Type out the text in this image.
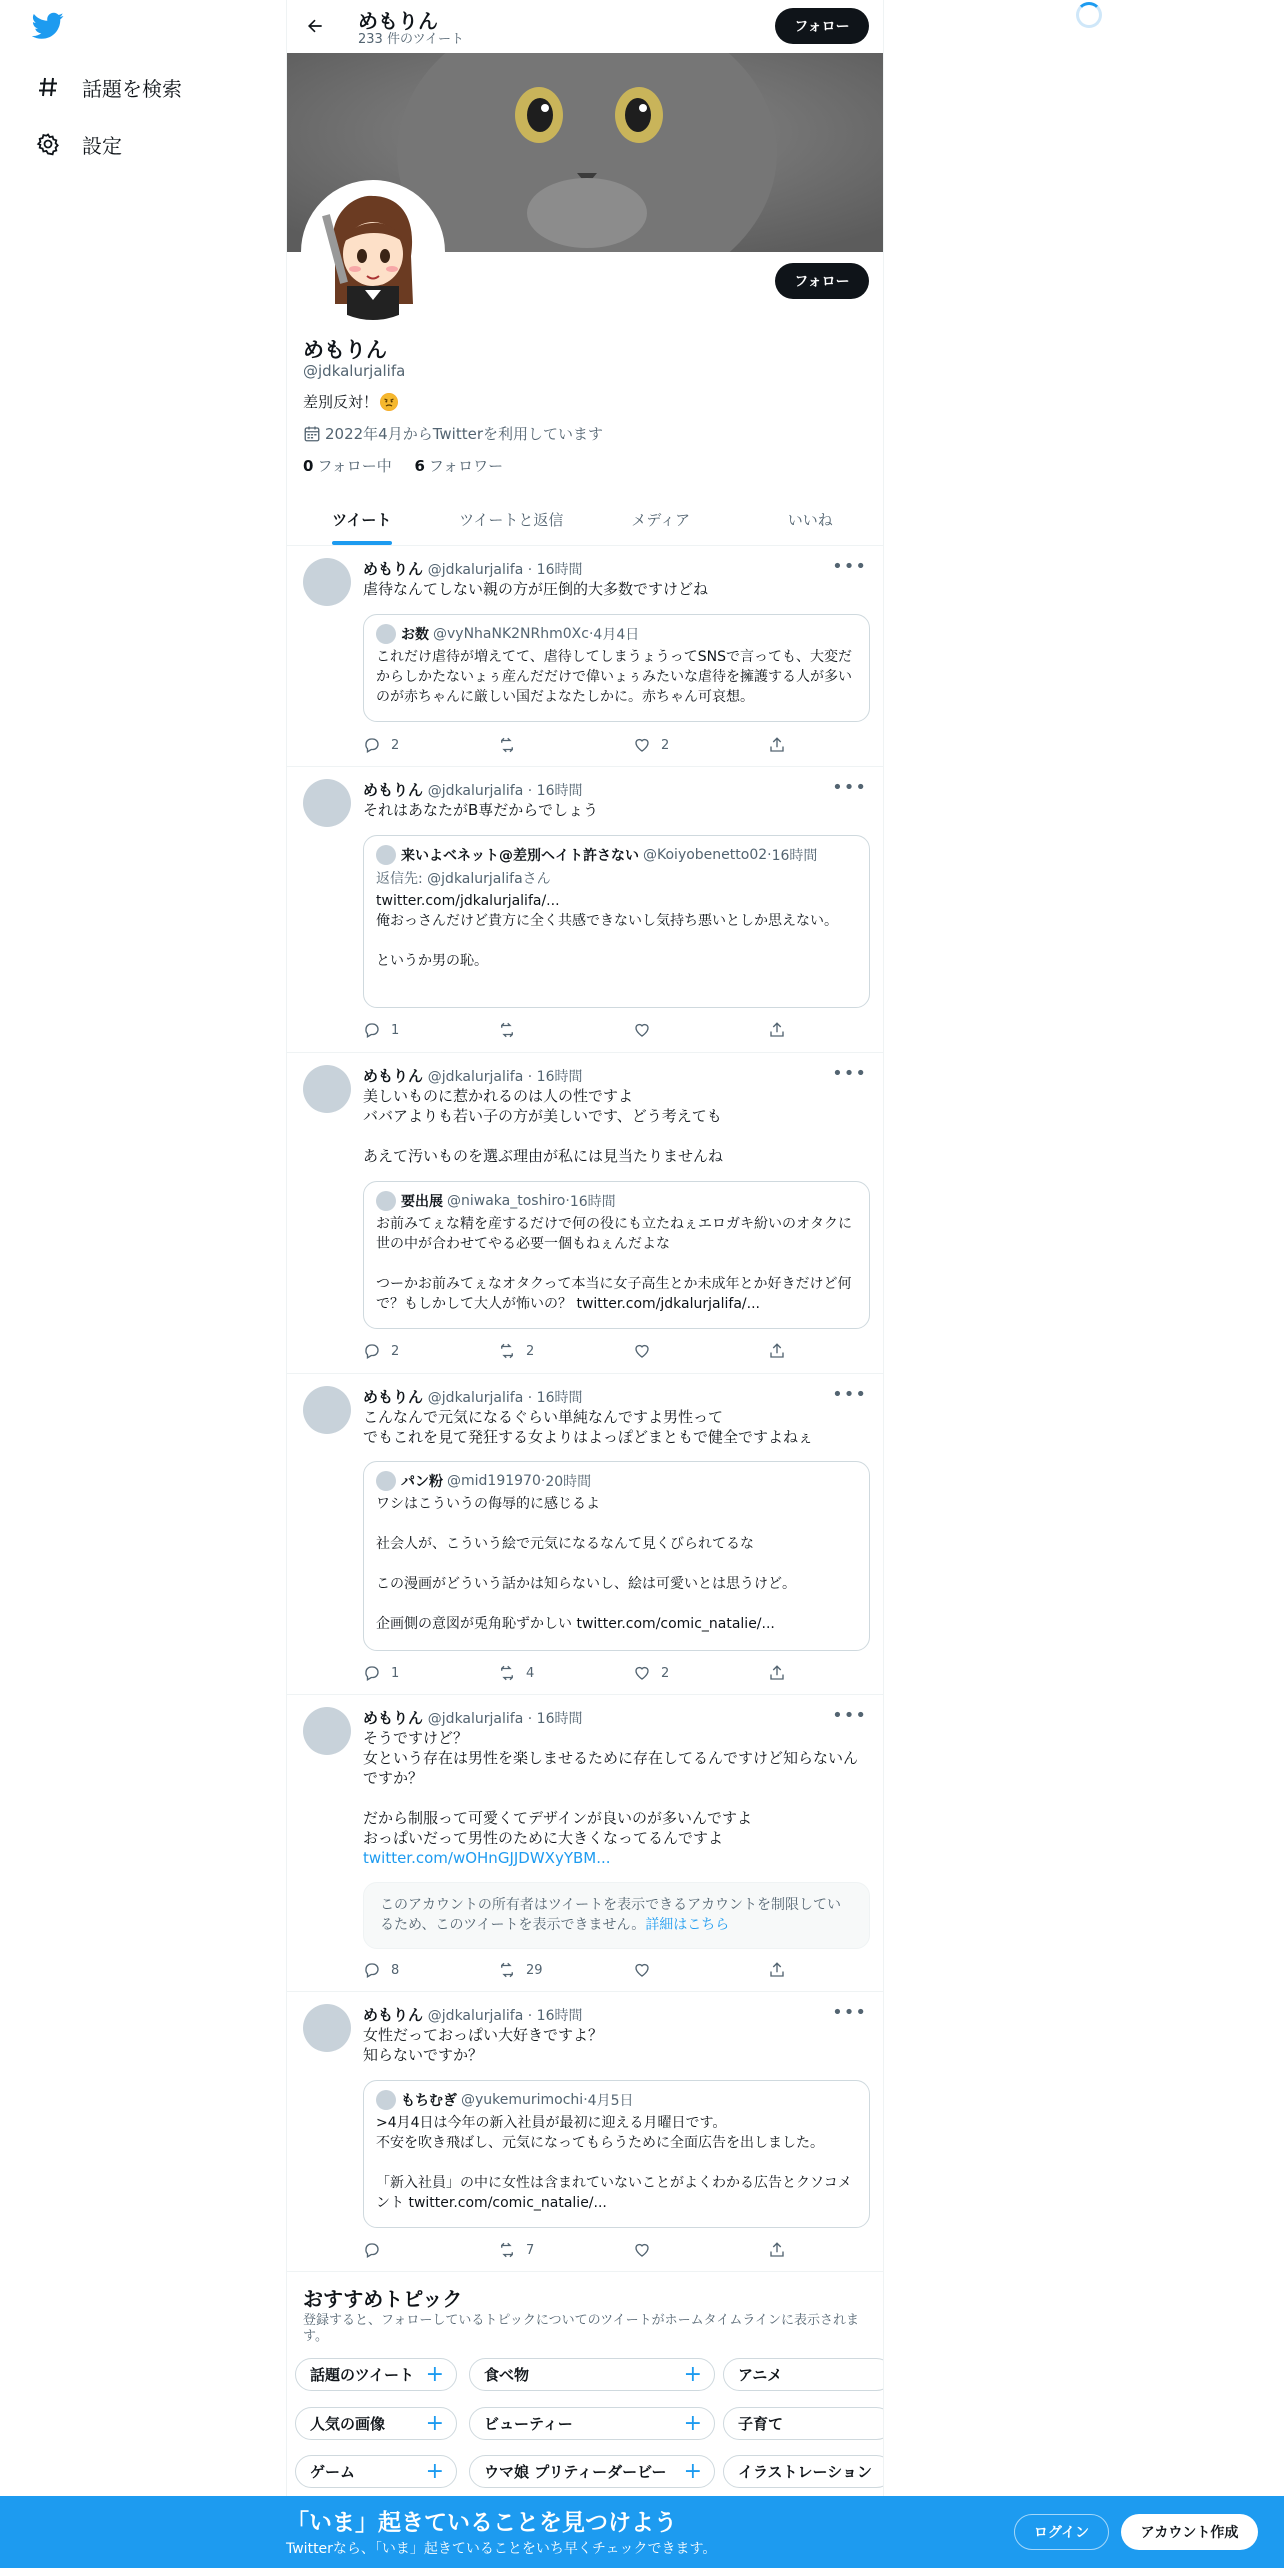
話題を検索
設定
めもりん
233 件のツイート
フォロー
フォロー
めもりん
@jdkalurjalifa
差別反対！
2022年4月からTwitterを利用しています
0 フォロー中 6 フォロワー
ツイート	ツイートと返信	メディア	いいね
めもりん @jdkalurjalifa · 16時間	•••
虐待なんてしない親の方が圧倒的大多数ですけどね
お数 @vyNhaNK2NRhm0Xc · 4月4日
これだけ虐待が増えてて、虐待してしまうょうってSNSで言っても、大変だからしかたないょぅ産んだだけで偉いょぅみたいな虐待を擁護する人が多いのが赤ちゃんに厳しい国だよなたしかに。赤ちゃん可哀想。
2	2
めもりん @jdkalurjalifa · 16時間	•••
それはあなたがB専だからでしょう
来いよベネット@差別ヘイト許さない @Koiyobenetto02 · 16時間
返信先: @jdkalurjalifaさん
twitter.com/jdkalurjalifa/...
俺おっさんだけど貴方に全く共感できないし気持ち悪いとしか思えない。

というか男の恥。
1
めもりん @jdkalurjalifa · 16時間	•••
美しいものに惹かれるのは人の性ですよ
ババアよりも若い子の方が美しいです、どう考えても

あえて汚いものを選ぶ理由が私には見当たりませんね
要出展 @niwaka_toshiro · 16時間
お前みてぇな精を産するだけで何の役にも立たねぇエロガキ紛いのオタクに世の中が合わせてやる必要一個もねぇんだよな

つーかお前みてぇなオタクって本当に女子高生とか未成年とか好きだけど何で？もしかして大人が怖いの？ twitter.com/jdkalurjalifa/...
2	2
めもりん @jdkalurjalifa · 16時間	•••
こんなんで元気になるぐらい単純なんですよ男性って
でもこれを見て発狂する女よりはよっぽどまともで健全ですよねぇ
パン粉 @mid191970 · 20時間
ワシはこういうの侮辱的に感じるよ

社会人が、こういう絵で元気になるなんて見くびられてるな

この漫画がどういう話かは知らないし、絵は可愛いとは思うけど。

企画側の意図が兎角恥ずかしい twitter.com/comic_natalie/...
1	4	2
めもりん @jdkalurjalifa · 16時間	•••
そうですけど？
女という存在は男性を楽しませるために存在してるんですけど知らないんですか？

だから制服って可愛くてデザインが良いのが多いんですよ
おっぱいだって男性のために大きくなってるんですよ
twitter.com/wOHnGJJDWXyYBM...
このアカウントの所有者はツイートを表示できるアカウントを制限しているため、このツイートを表示できません。詳細はこちら
8	29
めもりん @jdkalurjalifa · 16時間	•••
女性だっておっぱい大好きですよ？
知らないですか？
もちむぎ @yukemurimochi · 4月5日
>4月4日は今年の新入社員が最初に迎える月曜日です。
不安を吹き飛ばし、元気になってもらうために全面広告を出しました。

「新入社員」の中に女性は含まれていないことがよくわかる広告とクソコメント twitter.com/comic_natalie/...
7
おすすめトピック
登録すると、フォローしているトピックについてのツイートがホームタイムラインに表示されます。
話題のツイート +	食べ物	+ アニメ
人気の画像 +	ビューティー	+ 子育て
ゲーム	+	ウマ娘 プリティーダービー + イラストレーション
「いま」起きていることを見つけよう
Twitterなら、「いま」起きていることをいち早くチェックできます。
ログイン	アカウント作成
